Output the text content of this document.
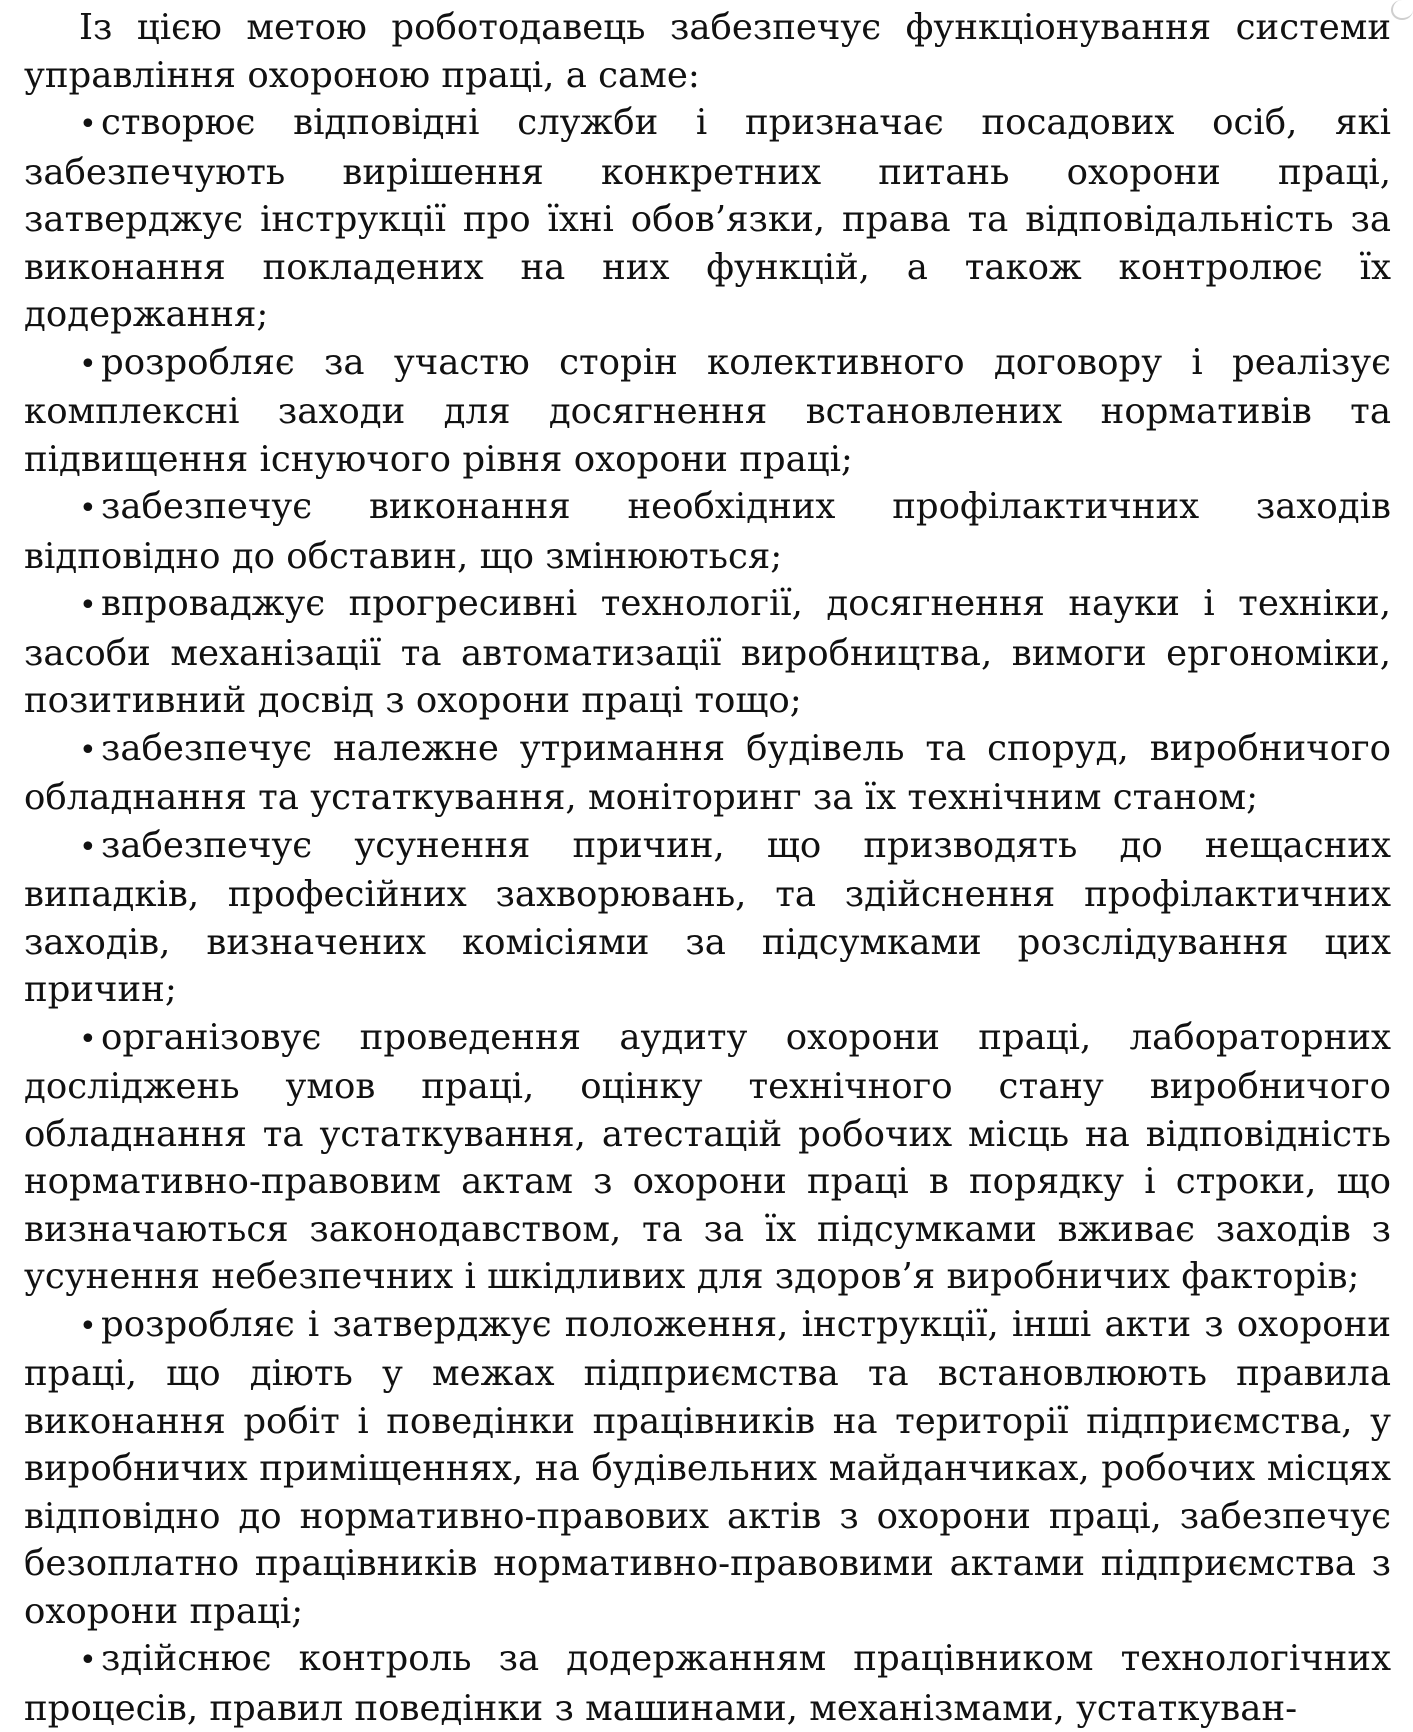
Із цією метою роботодавець забезпечує функціонування системи управління охороною праці, а саме:

• створює відповідні служби і призначає посадових осіб, які забезпечують вирішення конкретних питань охорони праці, затверджує інструкції про їхні обов’язки, права та відповідальність за виконання покладених на них функцій, а також контролює їх додержання;

• розробляє за участю сторін колективного договору і реалізує комплексні заходи для досягнення встановлених нормативів та підвищення існуючого рівня охорони праці;

• забезпечує виконання необхідних профілактичних заходів відповідно до обставин, що змінюються;

• впроваджує прогресивні технології, досягнення науки і техніки, засоби механізації та автоматизації виробництва, вимоги ергономіки, позитивний досвід з охорони праці тощо;

• забезпечує належне утримання будівель та споруд, виробничого обладнання та устаткування, моніторинг за їх технічним станом;

• забезпечує усунення причин, що призводять до нещасних випадків, професійних захворювань, та здійснення профілактичних заходів, визначених комісіями за підсумками розслідування цих причин;

• організовує проведення аудиту охорони праці, лабораторних досліджень умов праці, оцінку технічного стану виробничого обладнання та устаткування, атестацій робочих місць на відповідність нормативно-правовим актам з охорони праці в порядку і строки, що визначаються законодавством, та за їх підсумками вживає заходів з усунення небезпечних і шкідливих для здоров’я виробничих факторів;

• розробляє і затверджує положення, інструкції, інші акти з охорони праці, що діють у межах підприємства та встановлюють правила виконання робіт і поведінки працівників на території підприємства, у виробничих приміщеннях, на будівельних майданчиках, робочих місцях відповідно до нормативно-правових актів з охорони праці, забезпечує безоплатно працівників нормативно-правовими актами підприємства з охорони праці;

• здійснює контроль за додержанням працівником технологічних процесів, правил поведінки з машинами, механізмами, устаткуван-
